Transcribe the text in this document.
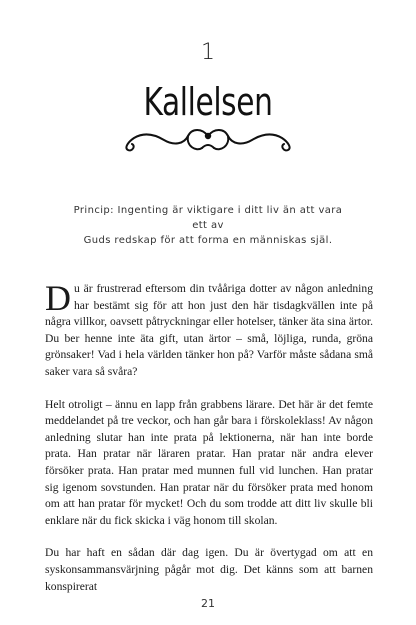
1
Kallelsen
Princip: Ingenting är viktigare i ditt liv än att vara ett av
Guds redskap för att forma en människas själ.

Du är frustrerad eftersom din tvååriga dotter av någon anledning har bestämt sig för att hon just den här tisdagkvällen inte på några villkor, oavsett påtryckningar eller hotelser, tänker äta sina ärtor. Du ber henne inte äta gift, utan ärtor – små, löjliga, runda, gröna grönsaker! Vad i hela världen tänker hon på? Varför måste sådana små saker vara så svåra?

Helt otroligt – ännu en lapp från grabbens lärare. Det här är det femte meddelandet på tre veckor, och han går bara i förskoleklass! Av någon anledning slutar han inte prata på lektionerna, när han inte borde prata. Han pratar när läraren pratar. Han pratar när andra elever försöker prata. Han pratar med munnen full vid lunchen. Han pratar sig igenom sovstunden. Han pratar när du försöker prata med honom om att han pratar för mycket! Och du som trodde att ditt liv skulle bli enklare när du fick skicka i väg honom till skolan.

Du har haft en sådan där dag igen. Du är övertygad om att en syskonsammansvärjning pågår mot dig. Det känns som att barnen konspirerat

21
